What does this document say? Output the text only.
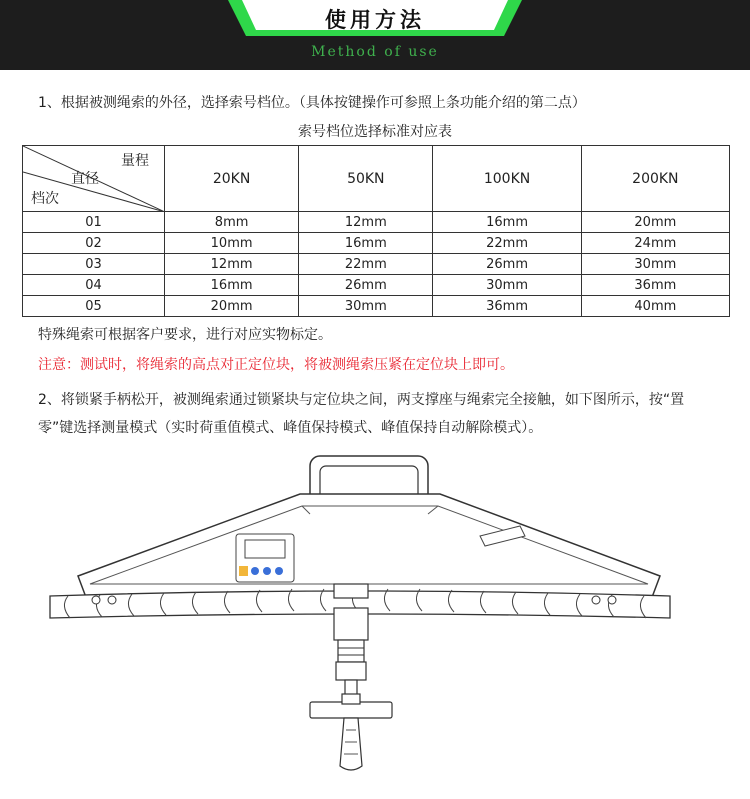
使用方法
Method of use
1、根据被测绳索的外径，选择索号档位。（具体按键操作可参照上条功能介绍的第二点）
索号档位选择标准对应表
量程
直径
档次	20KN	50KN	100KN	200KN
01	8mm	12mm	16mm	20mm
02	10mm	16mm	22mm	24mm
03	12mm	22mm	26mm	30mm
04	16mm	26mm	30mm	36mm
05	20mm	30mm	36mm	40mm
特殊绳索可根据客户要求，进行对应实物标定。
注意：测试时，将绳索的高点对正定位块，将被测绳索压紧在定位块上即可。
2、将锁紧手柄松开，被测绳索通过锁紧块与定位块之间，两支撑座与绳索完全接触，如下图所示，按“置零”键选择测量模式（实时荷重值模式、峰值保持模式、峰值保持自动解除模式）。
